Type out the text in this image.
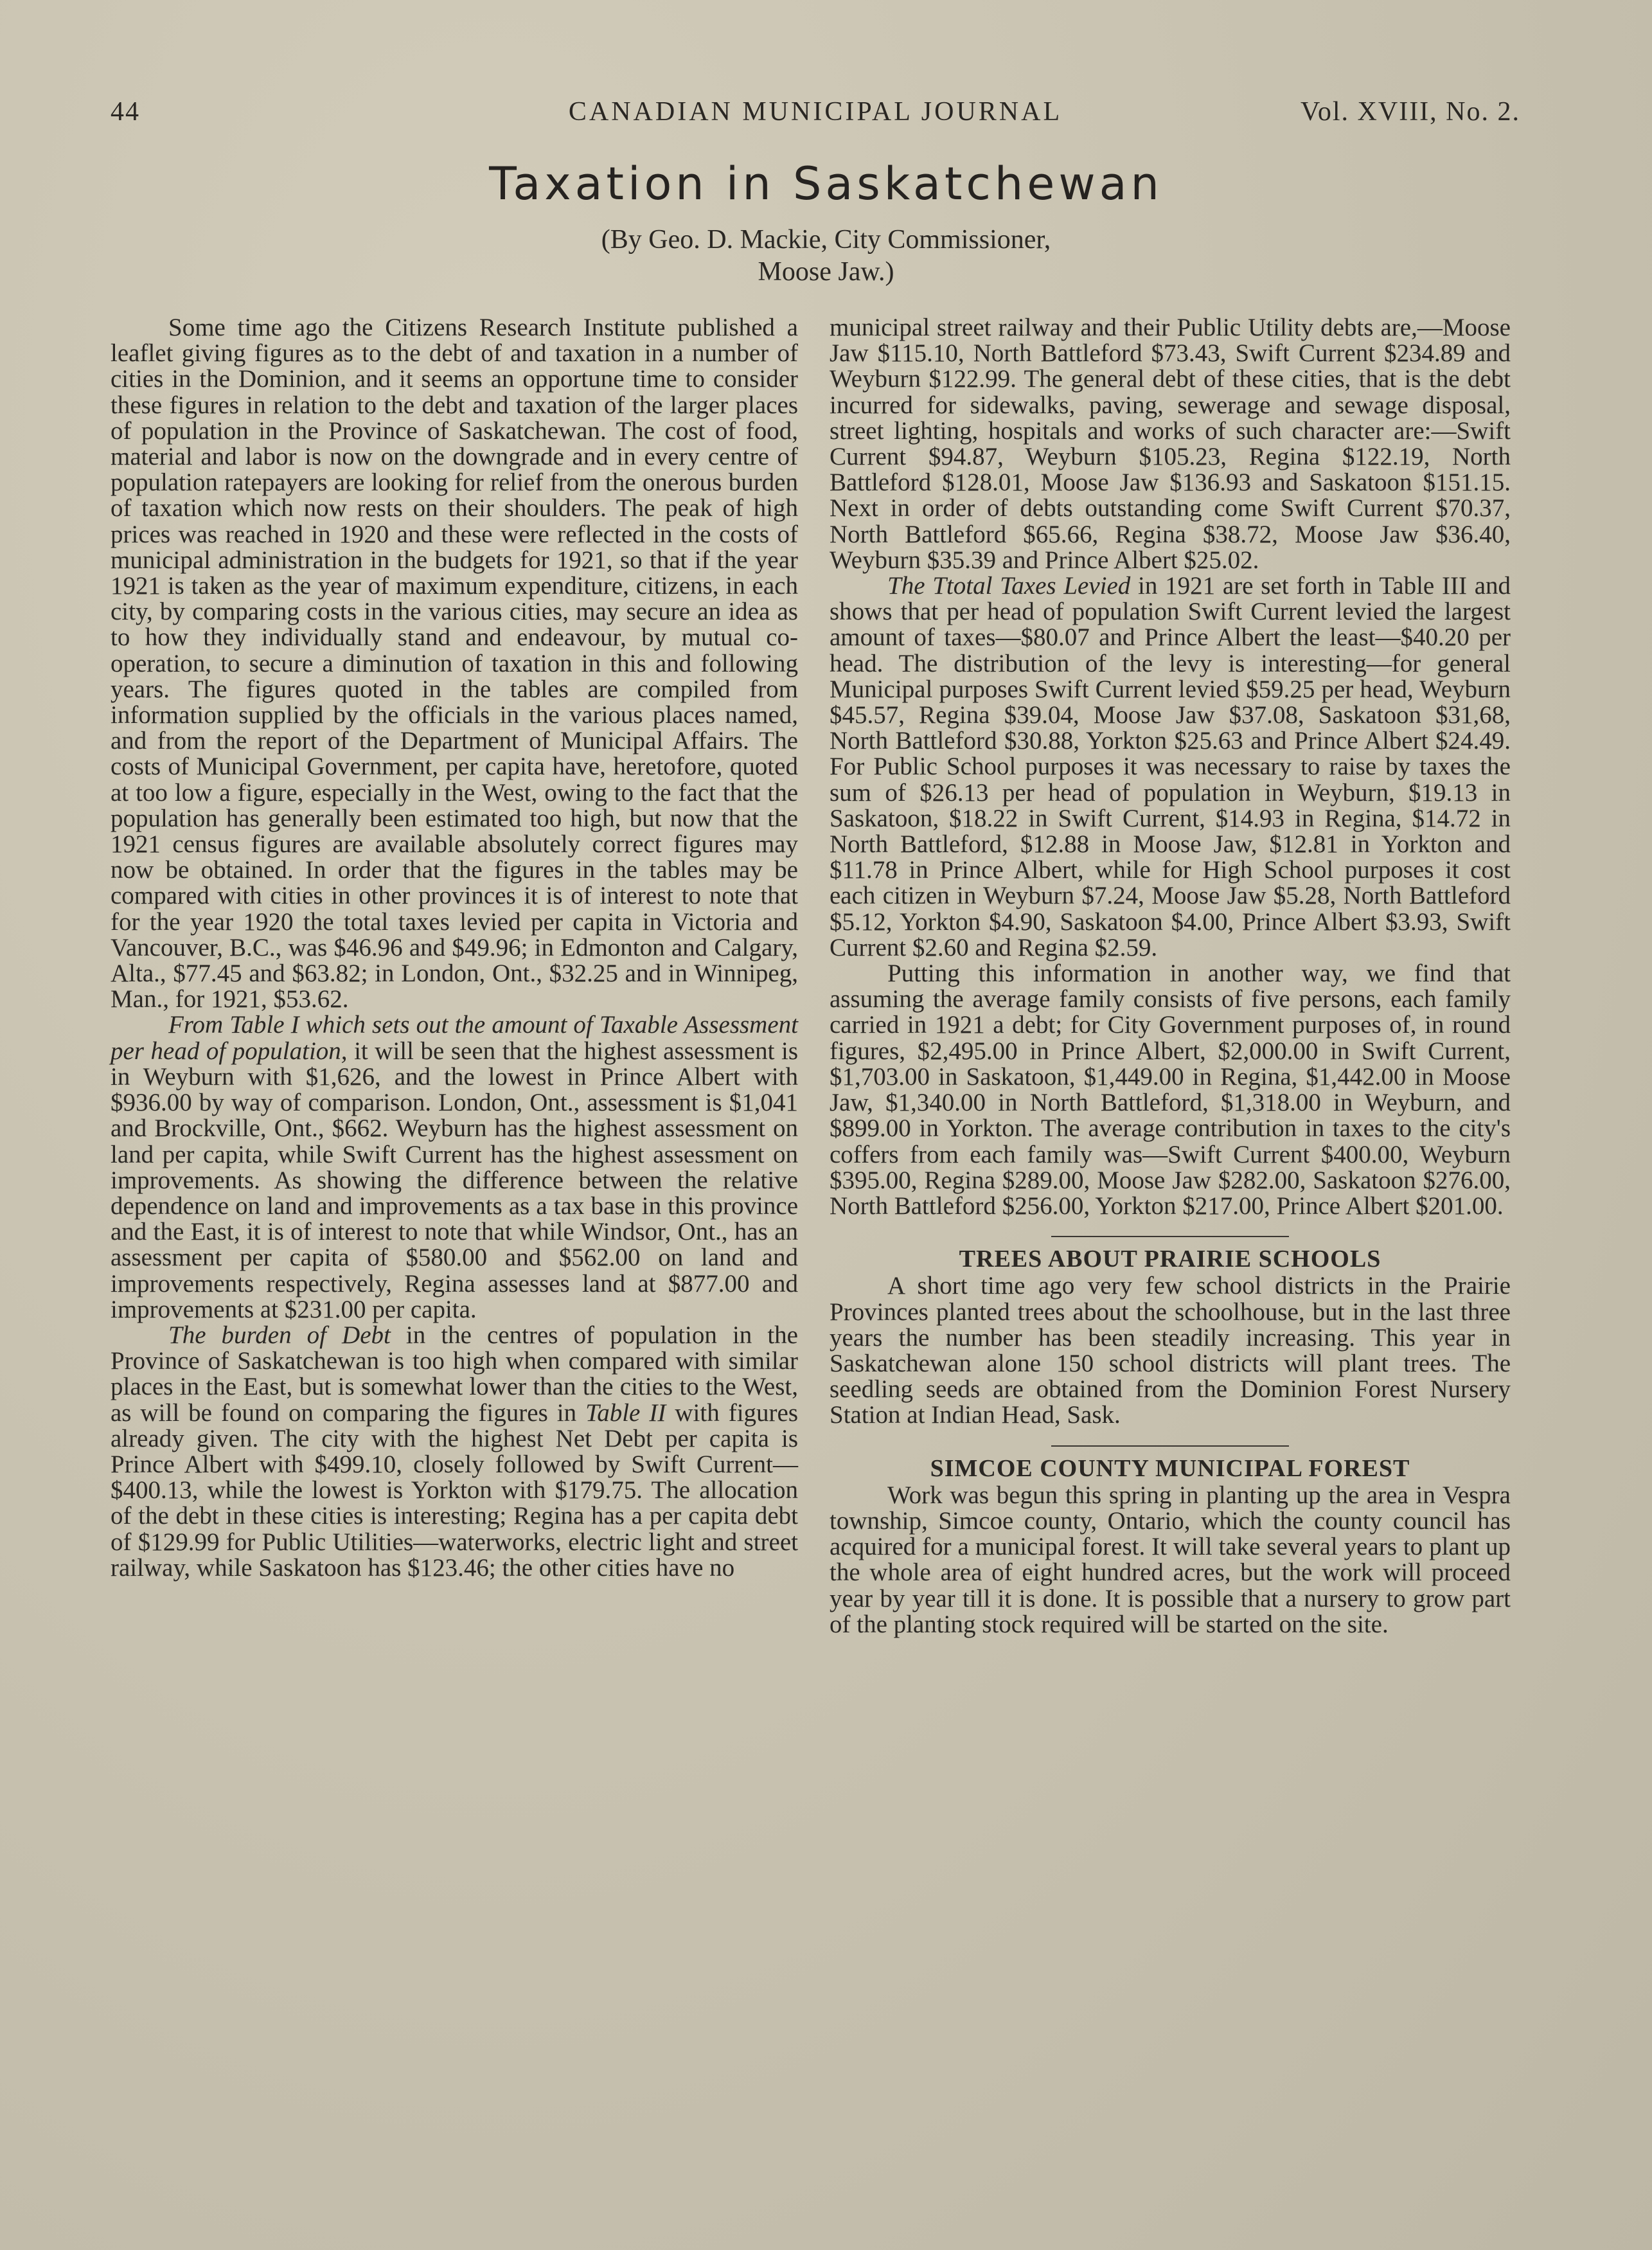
44	CANADIAN MUNICIPAL JOURNAL	Vol. XVIII, No. 2.
Taxation in Saskatchewan
(By Geo. D. Mackie, City Commissioner,
Moose Jaw.)

Some time ago the Citizens Research Institute published a leaflet giving figures as to the debt of and taxation in a number of cities in the Dominion, and it seems an opportune time to consider these figures in relation to the debt and taxation of the larger places of population in the Province of Saskatchewan. The cost of food, material and labor is now on the downgrade and in every centre of population ratepayers are looking for relief from the onerous burden of taxation which now rests on their shoulders. The peak of high prices was reached in 1920 and these were reflected in the costs of municipal administration in the budgets for 1921, so that if the year 1921 is taken as the year of maximum expenditure, citizens, in each city, by comparing costs in the various cities, may secure an idea as to how they individually stand and endeavour, by mutual co-operation, to secure a diminution of taxation in this and following years. The figures quoted in the tables are compiled from information supplied by the officials in the various places named, and from the report of the Department of Municipal Affairs. The costs of Municipal Government, per capita have, heretofore, quoted at too low a figure, especially in the West, owing to the fact that the population has generally been estimated too high, but now that the 1921 census figures are available absolutely correct figures may now be obtained. In order that the figures in the tables may be compared with cities in other provinces it is of interest to note that for the year 1920 the total taxes levied per capita in Victoria and Vancouver, B.C., was $46.96 and $49.96; in Edmonton and Calgary, Alta., $77.45 and $63.82; in London, Ont., $32.25 and in Winnipeg, Man., for 1921, $53.62.

From Table I which sets out the amount of Taxable Assessment per head of population, it will be seen that the highest assessment is in Weyburn with $1,626, and the lowest in Prince Albert with $936.00 by way of comparison. London, Ont., assessment is $1,041 and Brockville, Ont., $662. Weyburn has the highest assessment on land per capita, while Swift Current has the highest assessment on improvements. As showing the difference between the relative dependence on land and improvements as a tax base in this province and the East, it is of interest to note that while Windsor, Ont., has an assessment per capita of $580.00 and $562.00 on land and improvements respectively, Regina assesses land at $877.00 and improvements at $231.00 per capita.

The burden of Debt in the centres of population in the Province of Saskatchewan is too high when compared with similar places in the East, but is somewhat lower than the cities to the West, as will be found on comparing the figures in Table II with figures already given. The city with the highest Net Debt per capita is Prince Albert with $499.10, closely followed by Swift Current—$400.13, while the lowest is Yorkton with $179.75. The allocation of the debt in these cities is interesting; Regina has a per capita debt of $129.99 for Public Utilities—waterworks, electric light and street railway, while Saskatoon has $123.46; the other cities have no

municipal street railway and their Public Utility debts are,—Moose Jaw $115.10, North Battleford $73.43, Swift Current $234.89 and Weyburn $122.99. The general debt of these cities, that is the debt incurred for sidewalks, paving, sewerage and sewage disposal, street lighting, hospitals and works of such character are:—Swift Current $94.87, Weyburn $105.23, Regina $122.19, North Battleford $128.01, Moose Jaw $136.93 and Saskatoon $151.15. Next in order of debts outstanding come Swift Current $70.37, North Battleford $65.66, Regina $38.72, Moose Jaw $36.40, Weyburn $35.39 and Prince Albert $25.02.

The Ttotal Taxes Levied in 1921 are set forth in Table III and shows that per head of population Swift Current levied the largest amount of taxes—$80.07 and Prince Albert the least—$40.20 per head. The distribution of the levy is interesting—for general Municipal purposes Swift Current levied $59.25 per head, Weyburn $45.57, Regina $39.04, Moose Jaw $37.08, Saskatoon $31,68, North Battleford $30.88, Yorkton $25.63 and Prince Albert $24.49. For Public School purposes it was necessary to raise by taxes the sum of $26.13 per head of population in Weyburn, $19.13 in Saskatoon, $18.22 in Swift Current, $14.93 in Regina, $14.72 in North Battleford, $12.88 in Moose Jaw, $12.81 in Yorkton and $11.78 in Prince Albert, while for High School purposes it cost each citizen in Weyburn $7.24, Moose Jaw $5.28, North Battleford $5.12, Yorkton $4.90, Saskatoon $4.00, Prince Albert $3.93, Swift Current $2.60 and Regina $2.59.

Putting this information in another way, we find that assuming the average family consists of five persons, each family carried in 1921 a debt; for City Government purposes of, in round figures, $2,495.00 in Prince Albert, $2,000.00 in Swift Current, $1,703.00 in Saskatoon, $1,449.00 in Regina, $1,442.00 in Moose Jaw, $1,340.00 in North Battleford, $1,318.00 in Weyburn, and $899.00 in Yorkton. The average contribution in taxes to the city's coffers from each family was—Swift Current $400.00, Weyburn $395.00, Regina $289.00, Moose Jaw $282.00, Saskatoon $276.00, North Battleford $256.00, Yorkton $217.00, Prince Albert $201.00.

TREES ABOUT PRAIRIE SCHOOLS

A short time ago very few school districts in the Prairie Provinces planted trees about the schoolhouse, but in the last three years the number has been steadily increasing. This year in Saskatchewan alone 150 school districts will plant trees. The seedling seeds are obtained from the Dominion Forest Nursery Station at Indian Head, Sask.

SIMCOE COUNTY MUNICIPAL FOREST

Work was begun this spring in planting up the area in Vespra township, Simcoe county, Ontario, which the county council has acquired for a municipal forest. It will take several years to plant up the whole area of eight hundred acres, but the work will proceed year by year till it is done. It is possible that a nursery to grow part of the planting stock required will be started on the site.
